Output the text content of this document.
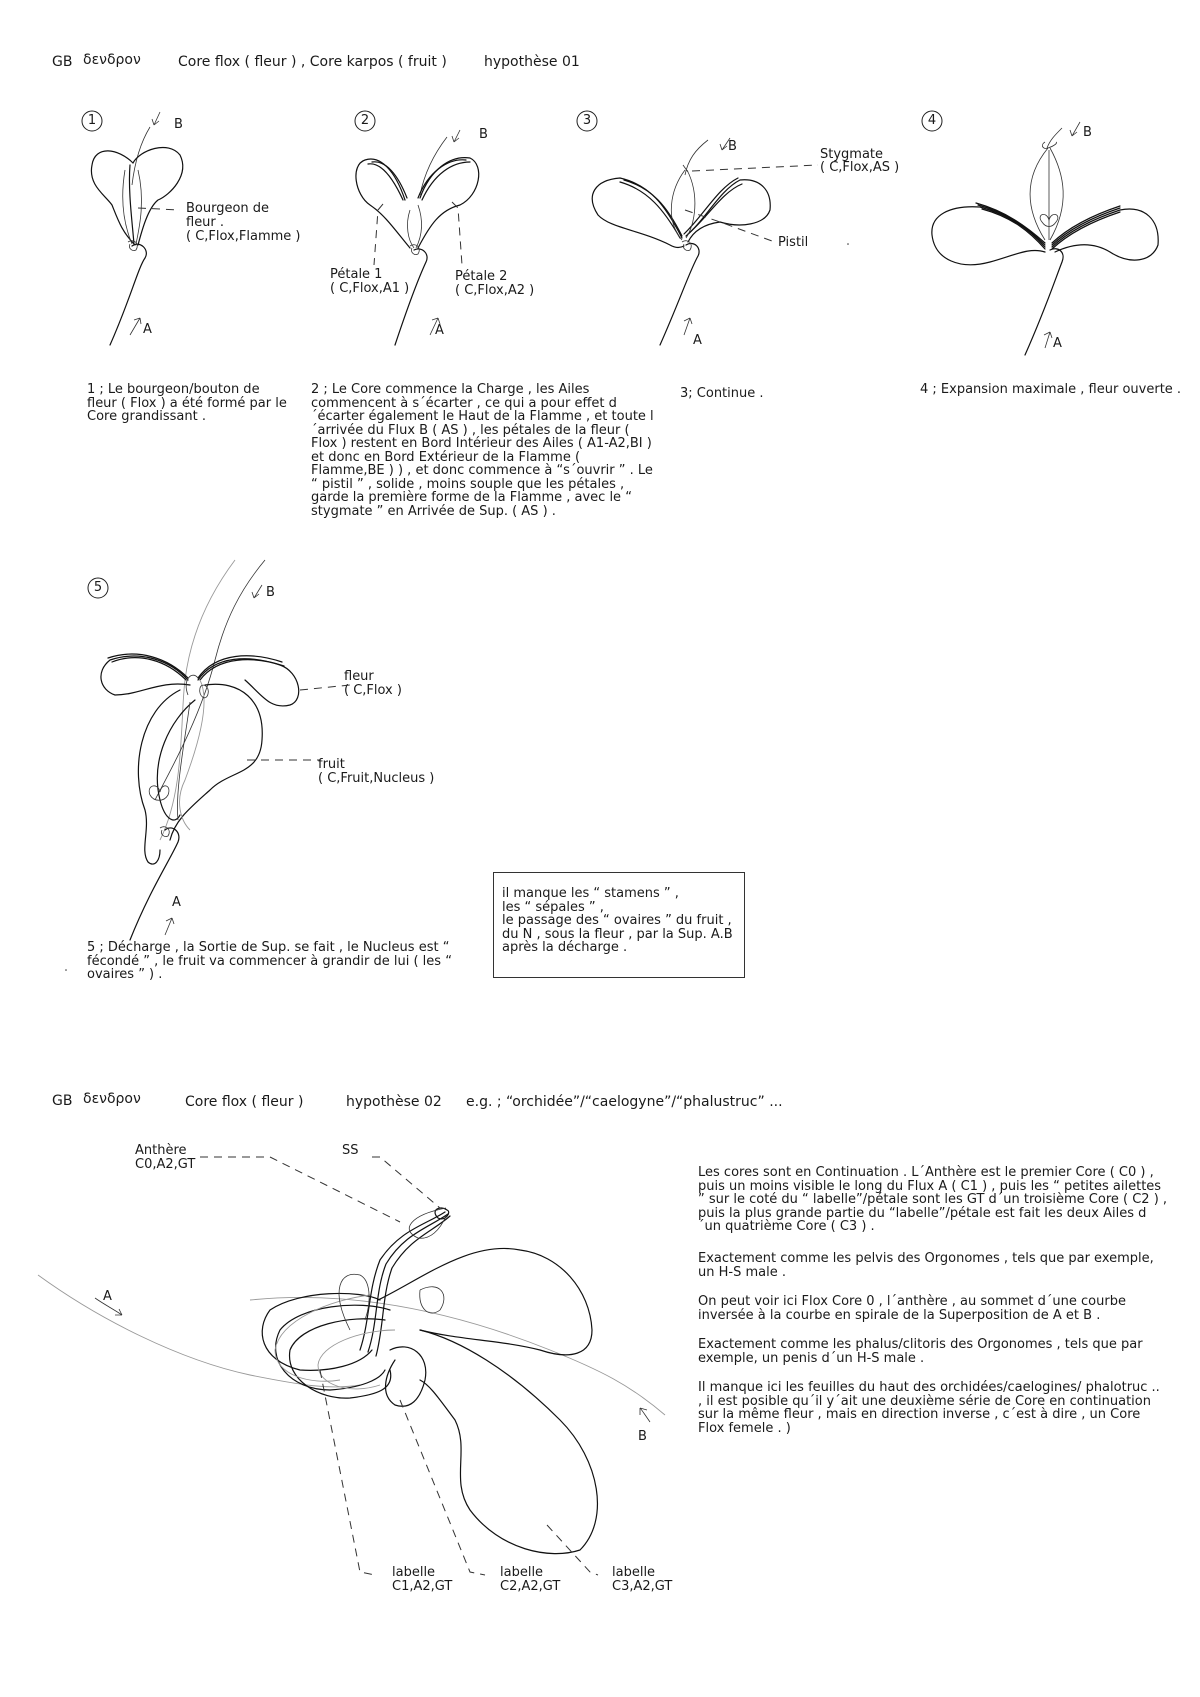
GB δενδρον	Core flox ( fleur ) , Core karpos ( fruit )	hypothèse 01
1	2	3	4
5
B
A
B
A
B
A
B
A
B
A
Bourgeon de
fleur .
( C,Flox,Flamme )
Pétale 1
( C,Flox,A1 )
Pétale 2
( C,Flox,A2 )
Stygmate
( C,Flox,AS )
Pistil
1 ; Le bourgeon/bouton de fleur ( Flox ) a été formé par le Core grandissant .
2 ; Le Core commence la Charge , les Ailes commencent à s´écarter , ce qui a pour effet d ´écarter également le Haut de la Flamme , et toute l´arrivée du Flux B ( AS ) , les pétales de la fleur ( Flox ) restent en Bord Intérieur des Ailes ( A1-A2,BI ) et donc en Bord Extérieur de la Flamme ( Flamme,BE ) ) , et donc commence à “s´ouvrir ” . Le “ pistil ” , solide , moins souple que les pétales , garde la première forme de la Flamme , avec le “ stygmate ” en Arrivée de Sup. ( AS ) .
3; Continue .	4 ; Expansion maximale , fleur ouverte .
fleur
( C,Flox )
fruit
( C,Fruit,Nucleus )
5 ; Décharge , la Sortie de Sup. se fait , le Nucleus est “ fécondé ” , le fruit va commencer à grandir de lui ( les “ ovaires ” ) .
il manque les “ stamens ” ,
les “ sépales ” ,
le passage des “ ovaires ” du fruit ,
du N , sous la fleur , par la Sup. A.B
après la décharge .
GB δενδρον	Core flox ( fleur )	hypothèse 02 e.g. ; “orchidée”/“caelogyne”/“phalustruc” ...
Anthère
C0,A2,GT
SS
A
B
labelle
C1,A2,GT
labelle
C2,A2,GT
labelle
C3,A2,GT
Les cores sont en Continuation . L´Anthère est le premier Core ( C0 ) , puis un moins visible le long du Flux A ( C1 ) , puis les “ petites ailettes ” sur le coté du “ labelle”/pétale sont les GT d´un troisième Core ( C2 ) , puis la plus grande partie du “labelle”/pétale est fait les deux Ailes d´un quatrième Core ( C3 ) .
Exactement comme les pelvis des Orgonomes , tels que par exemple, un H-S male .
On peut voir ici Flox Core 0 , l´anthère , au sommet d´une courbe inversée à la courbe en spirale de la Superposition de A et B .
Exactement comme les phalus/clitoris des Orgonomes , tels que par exemple, un penis d´un H-S male .
Il manque ici les feuilles du haut des orchidées/caelogines/ phalotruc .. , il est posible qu´il y´ait une deuxième série de Core en continuation sur la même fleur , mais en direction inverse , c´est à dire , un Core Flox femele . )
